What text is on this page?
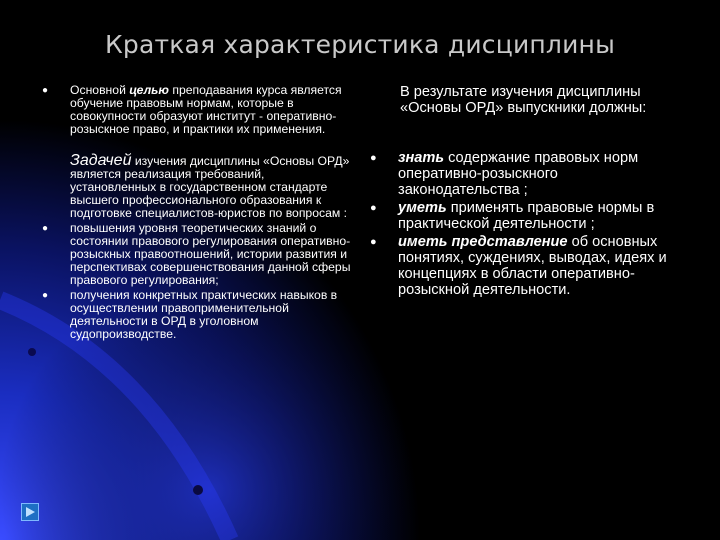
Краткая характеристика дисциплины
● Основной целью преподавания курса является обучение правовым нормам, которые в совокупности образуют институт - оперативно-розыскное право, и практики их применения.
Задачей изучения дисциплины «Основы ОРД» является реализация требований, установленных в государственном стандарте высшего профессионального образования к подготовке специалистов-юристов по вопросам :
● повышения уровня теоретических знаний о состоянии правового регулирования оперативно-розыскных правоотношений, истории развития и перспективах совершенствования данной сферы правового регулирования;
● получения конкретных практических навыков в осуществлении правоприменительной деятельности в ОРД в уголовном судопроизводстве.
В результате изучения дисциплины «Основы ОРД» выпускники должны:
● знать содержание правовых норм оперативно-розыскного законодательства ;
● уметь применять правовые нормы в практической деятельности ;
● иметь представление об основных понятиях, суждениях, выводах, идеях и концепциях в области оперативно-розыскной деятельности.
